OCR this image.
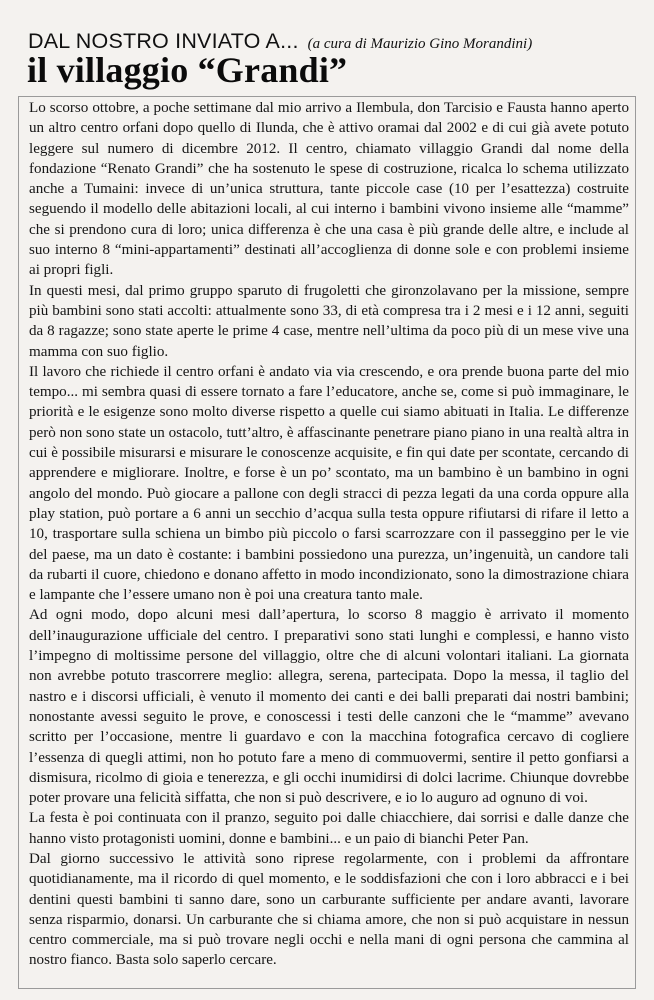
DAL NOSTRO INVIATO A... (a cura di Maurizio Gino Morandini)
il villaggio “Grandi”

Lo scorso ottobre, a poche settimane dal mio arrivo a Ilembula, don Tarcisio e Fausta hanno aperto un altro centro orfani dopo quello di Ilunda, che è attivo oramai dal 2002 e di cui già avete potuto leggere sul numero di dicembre 2012. Il centro, chiamato villaggio Grandi dal nome della fondazione “Renato Grandi” che ha sostenuto le spese di costruzione, ricalca lo schema utilizzato anche a Tumaini: invece di un’unica struttura, tante piccole case (10 per l’esattezza) costruite seguendo il modello delle abitazioni locali, al cui interno i bambini vivono insieme alle “mamme” che si prendono cura di loro; unica differenza è che una casa è più grande delle altre, e include al suo interno 8 “mini-appartamenti” destinati all’accoglienza di donne sole e con problemi insieme ai propri figli.

In questi mesi, dal primo gruppo sparuto di frugoletti che gironzolavano per la missione, sempre più bambini sono stati accolti: attualmente sono 33, di età compresa tra i 2 mesi e i 12 anni, seguiti da 8 ragazze; sono state aperte le prime 4 case, mentre nell’ultima da poco più di un mese vive una mamma con suo figlio.

Il lavoro che richiede il centro orfani è andato via via crescendo, e ora prende buona parte del mio tempo... mi sembra quasi di essere tornato a fare l’educatore, anche se, come si può immaginare, le priorità e le esigenze sono molto diverse rispetto a quelle cui siamo abituati in Italia. Le differenze però non sono state un ostacolo, tutt’altro, è affascinante penetrare piano piano in una realtà altra in cui è possibile misurarsi e misurare le conoscenze acquisite, e fin qui date per scontate, cercando di apprendere e migliorare. Inoltre, e forse è un po’ scontato, ma un bambino è un bambino in ogni angolo del mondo. Può giocare a pallone con degli stracci di pezza legati da una corda oppure alla play station, può portare a 6 anni un secchio d’acqua sulla testa oppure rifiutarsi di rifare il letto a 10, trasportare sulla schiena un bimbo più piccolo o farsi scarrozzare con il passeggino per le vie del paese, ma un dato è costante: i bambini possiedono una purezza, un’ingenuità, un candore tali da rubarti il cuore, chiedono e donano affetto in modo incondizionato, sono la dimostrazione chiara e lampante che l’essere umano non è poi una creatura tanto male.

Ad ogni modo, dopo alcuni mesi dall’apertura, lo scorso 8 maggio è arrivato il momento dell’inaugurazione ufficiale del centro. I preparativi sono stati lunghi e complessi, e hanno visto l’impegno di moltissime persone del villaggio, oltre che di alcuni volontari italiani. La giornata non avrebbe potuto trascorrere meglio: allegra, serena, partecipata. Dopo la messa, il taglio del nastro e i discorsi ufficiali, è venuto il momento dei canti e dei balli preparati dai nostri bambini; nonostante avessi seguito le prove, e conoscessi i testi delle canzoni che le “mamme” avevano scritto per l’occasione, mentre li guardavo e con la macchina fotografica cercavo di cogliere l’essenza di quegli attimi, non ho potuto fare a meno di commuovermi, sentire il petto gonfiarsi a dismisura, ricolmo di gioia e tenerezza, e gli occhi inumidirsi di dolci lacrime. Chiunque dovrebbe poter provare una felicità siffatta, che non si può descrivere, e io lo auguro ad ognuno di voi.

La festa è poi continuata con il pranzo, seguito poi dalle chiacchiere, dai sorrisi e dalle danze che hanno visto protagonisti uomini, donne e bambini... e un paio di bianchi Peter Pan.

Dal giorno successivo le attività sono riprese regolarmente, con i problemi da affrontare quotidianamente, ma il ricordo di quel momento, e le soddisfazioni che con i loro abbracci e i bei dentini questi bambini ti sanno dare, sono un carburante sufficiente per andare avanti, lavorare senza risparmio, donarsi. Un carburante che si chiama amore, che non si può acquistare in nessun centro commerciale, ma si può trovare negli occhi e nella mani di ogni persona che cammina al nostro fianco. Basta solo saperlo cercare.
